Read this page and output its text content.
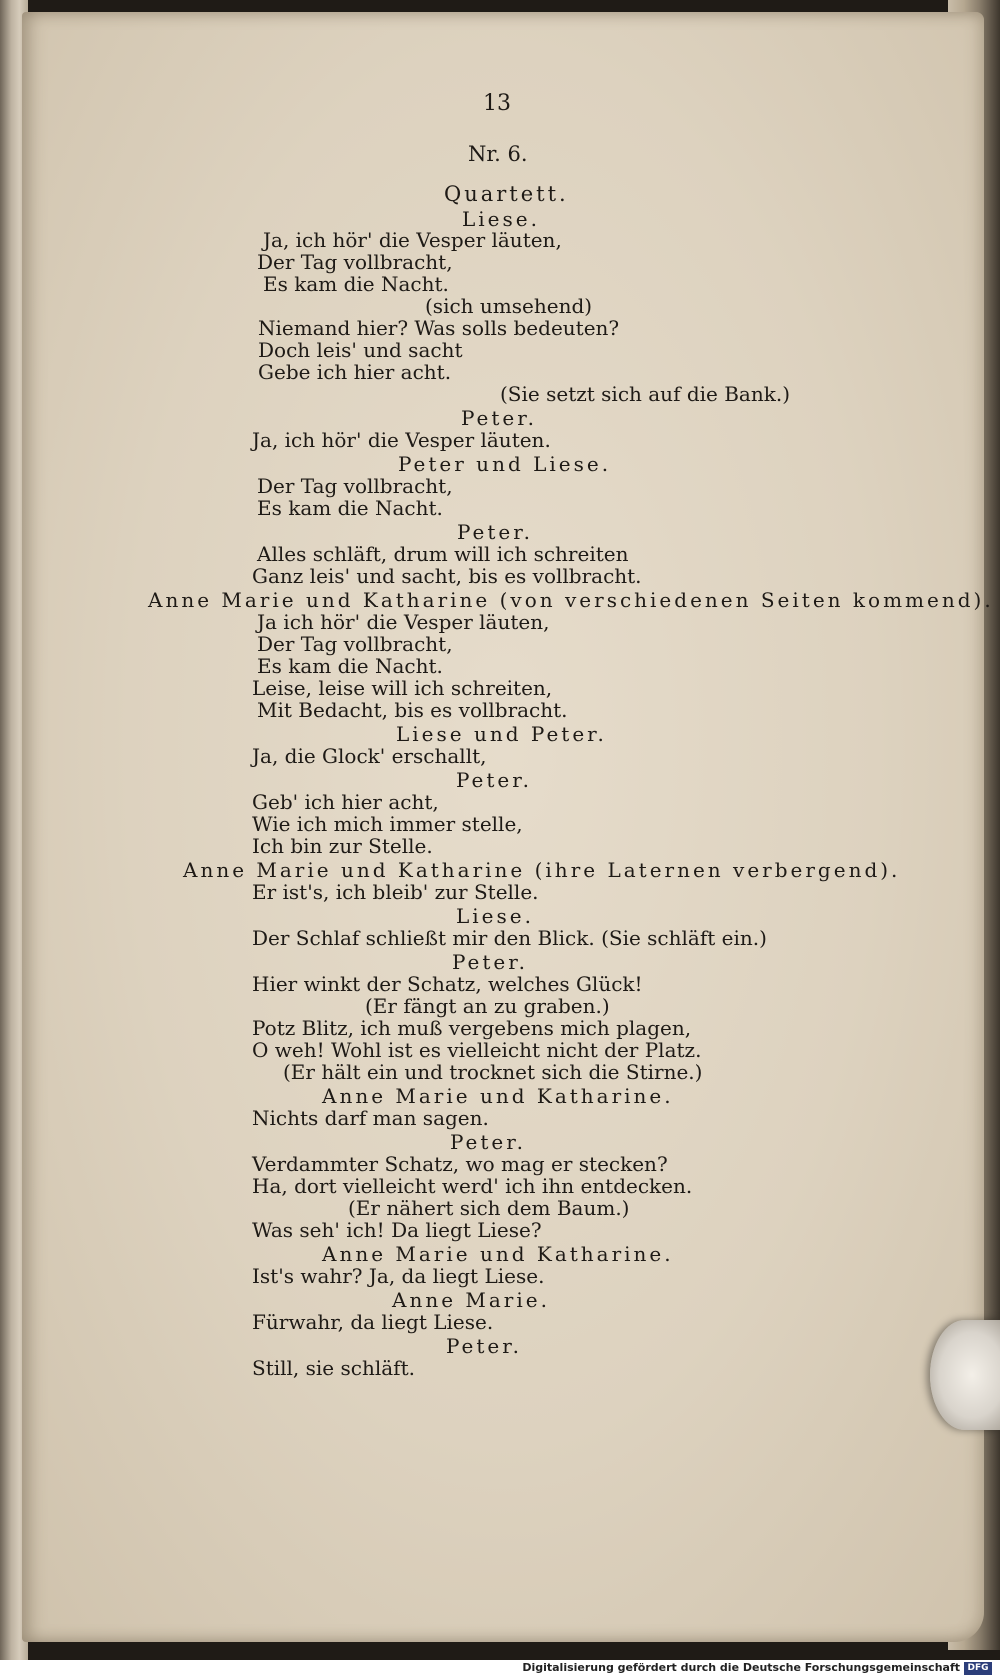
13
Nr. 6.
Quartett.
Liese.
Ja, ich hör' die Vesper läuten,
Der Tag vollbracht,
Es kam die Nacht.
(sich umsehend)
Niemand hier? Was solls bedeuten?
Doch leis' und sacht
Gebe ich hier acht.
(Sie setzt sich auf die Bank.)
Peter.
Ja, ich hör' die Vesper läuten.
Peter und Liese.
Der Tag vollbracht,
Es kam die Nacht.
Peter.
Alles schläft, drum will ich schreiten
Ganz leis' und sacht, bis es vollbracht.
Anne Marie und Katharine (von verschiedenen Seiten kommend).
Ja ich hör' die Vesper läuten,
Der Tag vollbracht,
Es kam die Nacht.
Leise, leise will ich schreiten,
Mit Bedacht, bis es vollbracht.
Liese und Peter.
Ja, die Glock' erschallt,
Peter.
Geb' ich hier acht,
Wie ich mich immer stelle,
Ich bin zur Stelle.
Anne Marie und Katharine (ihre Laternen verbergend).
Er ist's, ich bleib' zur Stelle.
Liese.
Der Schlaf schließt mir den Blick. (Sie schläft ein.)
Peter.
Hier winkt der Schatz, welches Glück!
(Er fängt an zu graben.)
Potz Blitz, ich muß vergebens mich plagen,
O weh! Wohl ist es vielleicht nicht der Platz.
(Er hält ein und trocknet sich die Stirne.)
Anne Marie und Katharine.
Nichts darf man sagen.
Peter.
Verdammter Schatz, wo mag er stecken?
Ha, dort vielleicht werd' ich ihn entdecken.
(Er nähert sich dem Baum.)
Was seh' ich! Da liegt Liese?
Anne Marie und Katharine.
Ist's wahr? Ja, da liegt Liese.
Anne Marie.
Fürwahr, da liegt Liese.
Peter.
Still, sie schläft.
Digitalisierung gefördert durch die Deutsche Forschungsgemeinschaft DFG
